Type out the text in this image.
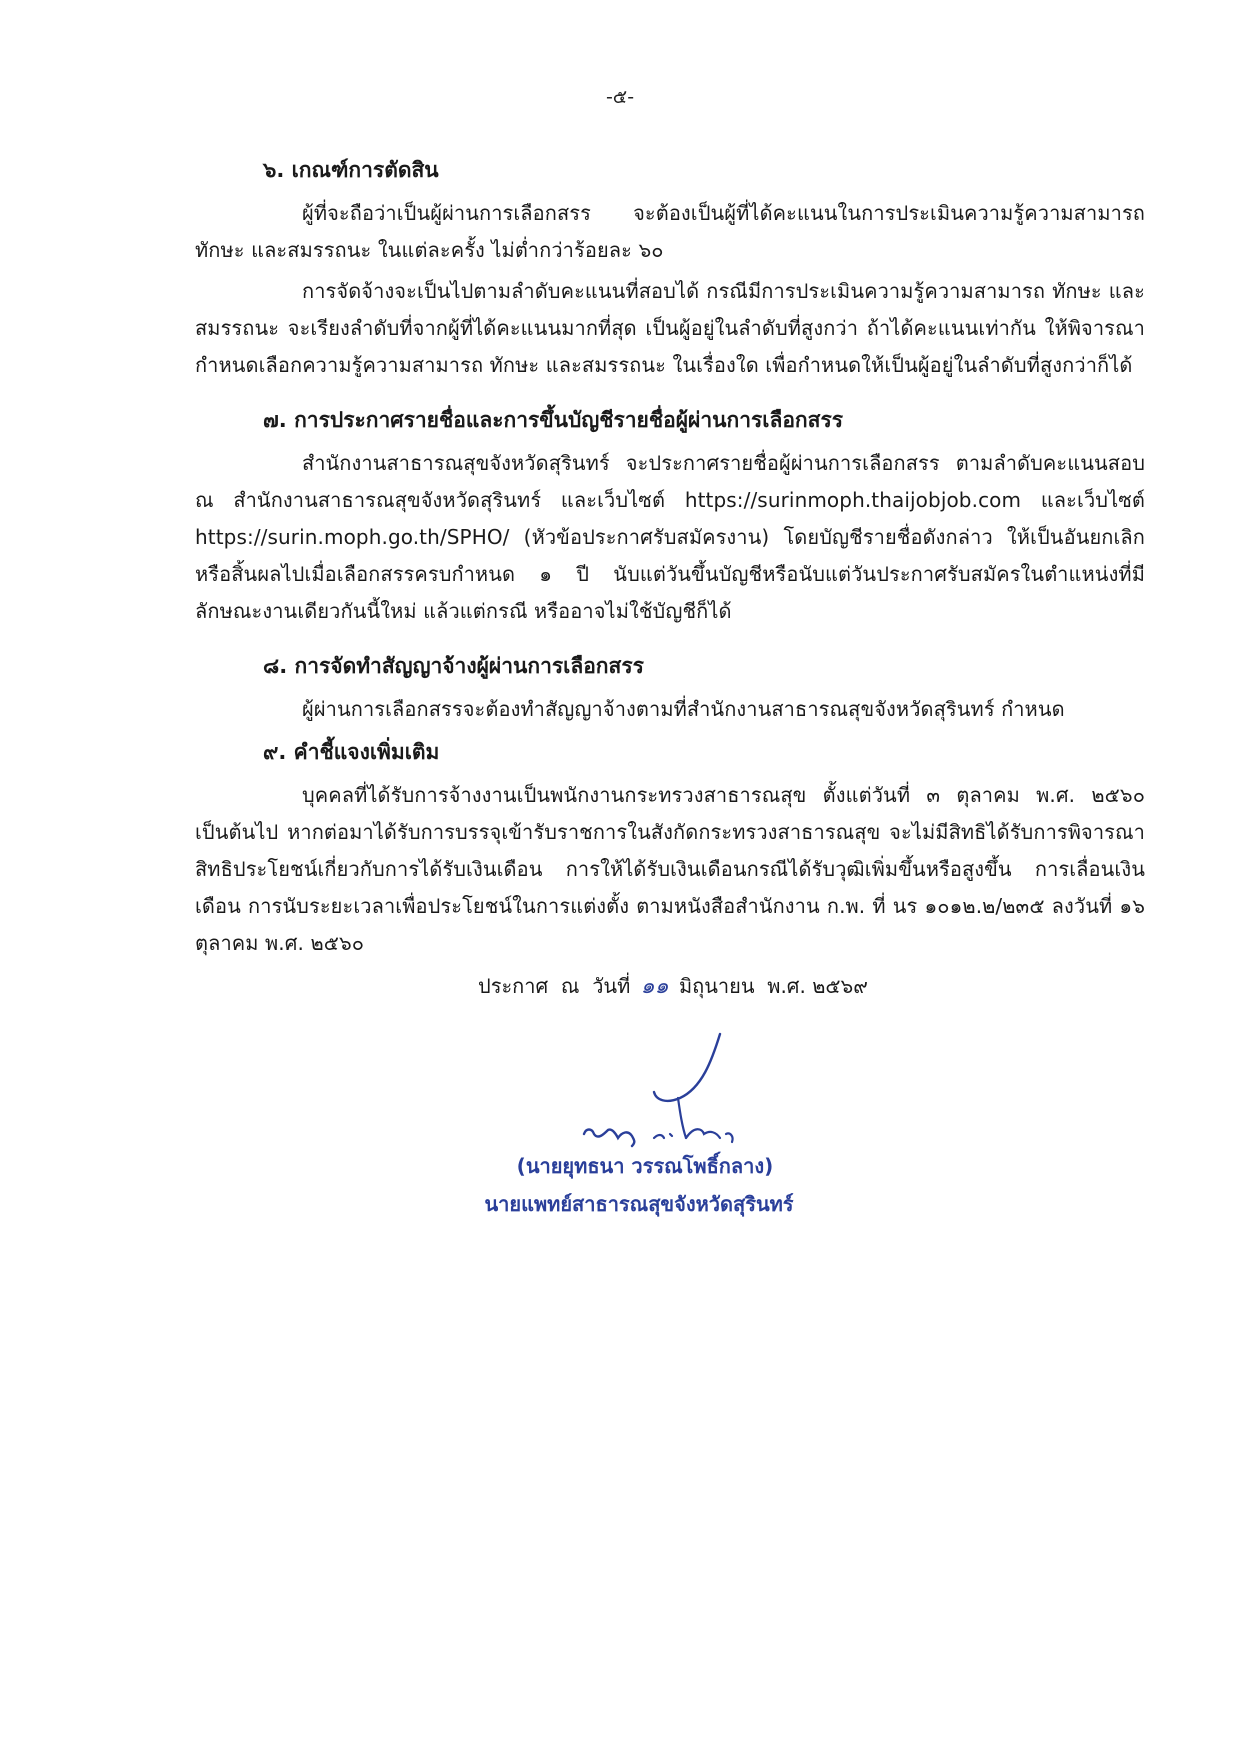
-๕-
๖. เกณฑ์การตัดสิน

ผู้ที่จะถือว่าเป็นผู้ผ่านการเลือกสรร จะต้องเป็นผู้ที่ได้คะแนนในการประเมินความรู้ความสามารถ ทักษะ และสมรรถนะ ในแต่ละครั้ง ไม่ต่ำกว่าร้อยละ ๖๐

การจัดจ้างจะเป็นไปตามลำดับคะแนนที่สอบได้ กรณีมีการประเมินความรู้ความสามารถ ทักษะ และสมรรถนะ จะเรียงลำดับที่จากผู้ที่ได้คะแนนมากที่สุด เป็นผู้อยู่ในลำดับที่สูงกว่า ถ้าได้คะแนนเท่ากัน ให้พิจารณากำหนดเลือกความรู้ความสามารถ ทักษะ และสมรรถนะ ในเรื่องใด เพื่อกำหนดให้เป็นผู้อยู่ในลำดับที่สูงกว่าก็ได้

๗. การประกาศรายชื่อและการขึ้นบัญชีรายชื่อผู้ผ่านการเลือกสรร

สำนักงานสาธารณสุขจังหวัดสุรินทร์ จะประกาศรายชื่อผู้ผ่านการเลือกสรร ตามลำดับคะแนนสอบ ณ สำนักงานสาธารณสุขจังหวัดสุรินทร์ และเว็บไซต์ https://surinmoph.thaijobjob.com และเว็บไซต์ https://surin.moph.go.th/SPHO/ (หัวข้อประกาศรับสมัครงาน) โดยบัญชีรายชื่อดังกล่าว ให้เป็นอันยกเลิก หรือสิ้นผลไปเมื่อเลือกสรรครบกำหนด ๑ ปี นับแต่วันขึ้นบัญชีหรือนับแต่วันประกาศรับสมัครในตำแหน่งที่มีลักษณะงานเดียวกันนี้ใหม่ แล้วแต่กรณี หรืออาจไม่ใช้บัญชีก็ได้

๘. การจัดทำสัญญาจ้างผู้ผ่านการเลือกสรร

ผู้ผ่านการเลือกสรรจะต้องทำสัญญาจ้างตามที่สำนักงานสาธารณสุขจังหวัดสุรินทร์ กำหนด

๙. คำชี้แจงเพิ่มเติม

บุคคลที่ได้รับการจ้างงานเป็นพนักงานกระทรวงสาธารณสุข ตั้งแต่วันที่ ๓ ตุลาคม พ.ศ. ๒๕๖๐ เป็นต้นไป หากต่อมาได้รับการบรรจุเข้ารับราชการในสังกัดกระทรวงสาธารณสุข จะไม่มีสิทธิได้รับการพิจารณาสิทธิประโยชน์เกี่ยวกับการได้รับเงินเดือน การให้ได้รับเงินเดือนกรณีได้รับวุฒิเพิ่มขึ้นหรือสูงขึ้น การเลื่อนเงินเดือน การนับระยะเวลาเพื่อประโยชน์ในการแต่งตั้ง ตามหนังสือสำนักงาน ก.พ. ที่ นร ๑๐๑๒.๒/๒๓๕ ลงวันที่ ๑๖ ตุลาคม พ.ศ. ๒๕๖๐

ประกาศ  ณ  วันที่ ๑๑ มิถุนายน  พ.ศ. ๒๕๖๙
(นายยุทธนา วรรณโพธิ์กลาง)
นายแพทย์สาธารณสุขจังหวัดสุรินทร์
